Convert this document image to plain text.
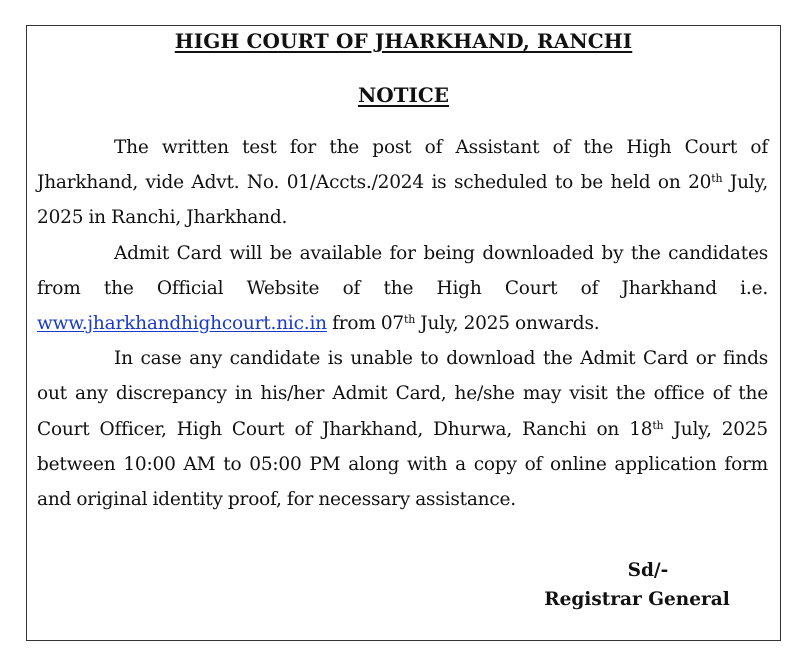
HIGH COURT OF JHARKHAND, RANCHI
NOTICE

The written test for the post of Assistant of the High Court of Jharkhand, vide Advt. No. 01/Accts./2024 is scheduled to be held on 20th July, 2025 in Ranchi, Jharkhand.

Admit Card will be available for being downloaded by the candidates from the Official Website of the High Court of Jharkhand i.e. www.jharkhandhighcourt.nic.in from 07th July, 2025 onwards.

In case any candidate is unable to download the Admit Card or finds out any discrepancy in his/her Admit Card, he/she may visit the office of the Court Officer, High Court of Jharkhand, Dhurwa, Ranchi on 18th July, 2025 between 10:00 AM to 05:00 PM along with a copy of online application form and original identity proof, for necessary assistance.

Sd/-
Registrar General
